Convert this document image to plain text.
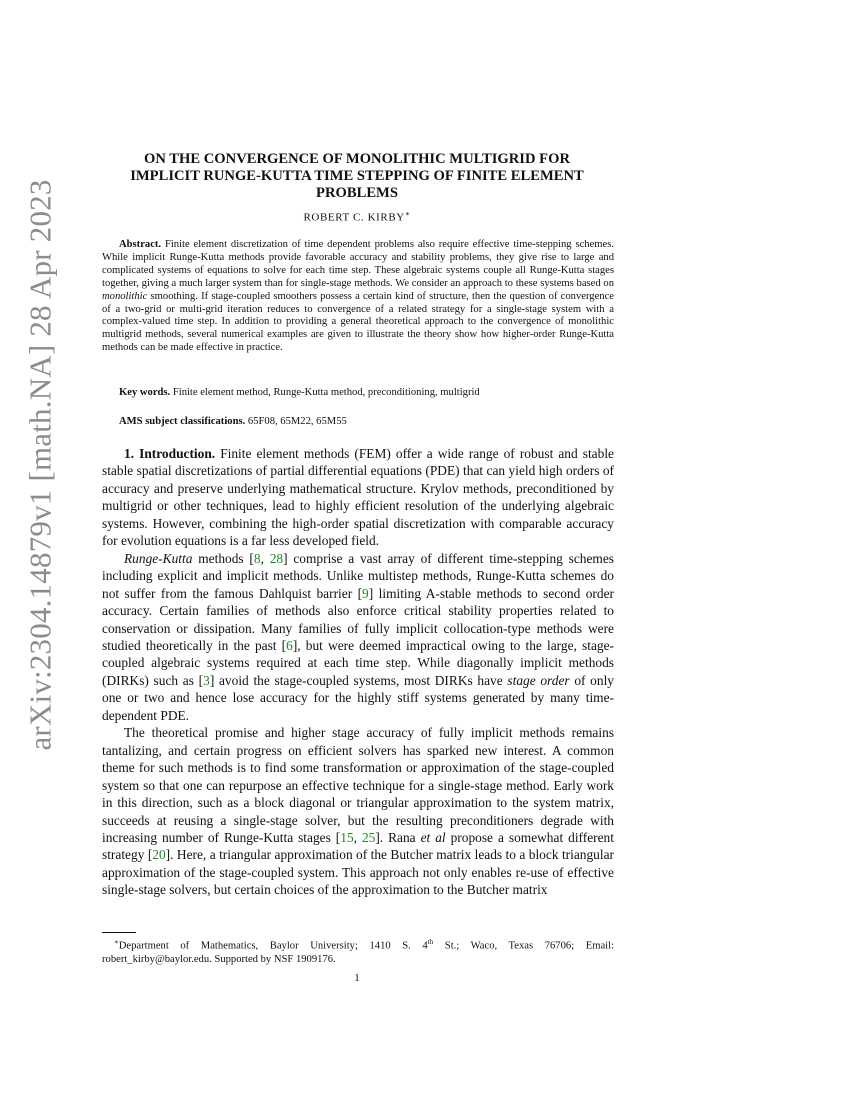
arXiv:2304.14879v1 [math.NA] 28 Apr 2023
ON THE CONVERGENCE OF MONOLITHIC MULTIGRID FOR
IMPLICIT RUNGE-KUTTA TIME STEPPING OF FINITE ELEMENT
PROBLEMS
ROBERT C. KIRBY∗

Abstract. Finite element discretization of time dependent problems also require effective time-stepping schemes. While implicit Runge-Kutta methods provide favorable accuracy and stability problems, they give rise to large and complicated systems of equations to solve for each time step. These algebraic systems couple all Runge-Kutta stages together, giving a much larger system than for single-stage methods. We consider an approach to these systems based on monolithic smoothing. If stage-coupled smoothers possess a certain kind of structure, then the question of convergence of a two-grid or multi-grid iteration reduces to convergence of a related strategy for a single-stage system with a complex-valued time step. In addition to providing a general theoretical approach to the convergence of monolithic multigrid methods, several numerical examples are given to illustrate the theory show how higher-order Runge-Kutta methods can be made effective in practice.

Key words. Finite element method, Runge-Kutta method, preconditioning, multigrid

AMS subject classifications. 65F08, 65M22, 65M55

1. Introduction. Finite element methods (FEM) offer a wide range of robust and stable stable spatial discretizations of partial differential equations (PDE) that can yield high orders of accuracy and preserve underlying mathematical structure. Krylov methods, preconditioned by multigrid or other techniques, lead to highly efficient resolution of the underlying algebraic systems. However, combining the high-order spatial discretization with comparable accuracy for evolution equations is a far less developed field.

Runge-Kutta methods [8, 28] comprise a vast array of different time-stepping schemes including explicit and implicit methods. Unlike multistep methods, Runge-Kutta schemes do not suffer from the famous Dahlquist barrier [9] limiting A-stable methods to second order accuracy. Certain families of methods also enforce critical stability properties related to conservation or dissipation. Many families of fully implicit collocation-type methods were studied theoretically in the past [6], but were deemed impractical owing to the large, stage-coupled algebraic systems required at each time step. While diagonally implicit methods (DIRKs) such as [3] avoid the stage-coupled systems, most DIRKs have stage order of only one or two and hence lose accuracy for the highly stiff systems generated by many time-dependent PDE.

The theoretical promise and higher stage accuracy of fully implicit methods remains tantalizing, and certain progress on efficient solvers has sparked new interest. A common theme for such methods is to find some transformation or approximation of the stage-coupled system so that one can repurpose an effective technique for a single-stage method. Early work in this direction, such as a block diagonal or triangular approximation to the system matrix, succeeds at reusing a single-stage solver, but the resulting preconditioners degrade with increasing number of Runge-Kutta stages [15, 25]. Rana et al propose a somewhat different strategy [20]. Here, a triangular approximation of the Butcher matrix leads to a block triangular approximation of the stage-coupled system. This approach not only enables re-use of effective single-stage solvers, but certain choices of the approximation to the Butcher matrix

∗Department of Mathematics, Baylor University; 1410 S. 4th St.; Waco, Texas 76706; Email: robert_kirby@baylor.edu. Supported by NSF 1909176.

1
